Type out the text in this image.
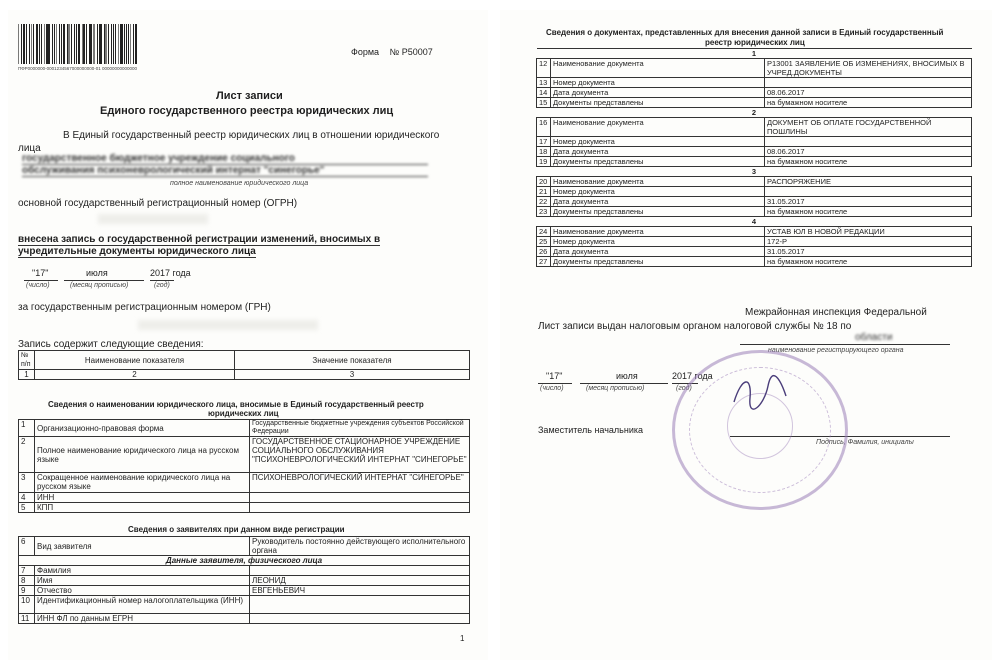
ПФР0000000-0001234567000000000-01 00000000000000
Форма № Р50007
Лист записи
Единого государственного реестра юридических лиц
В Единый государственный реестр юридических лиц в отношении юридического
лица
государственное бюджетное учреждение социального
обслуживания психоневрологический интернат "синегорье"
полное наименование юридического лица
основной государственный регистрационный номер (ОГРН)
внесена запись о государственной регистрации изменений, вносимых в
учредительные документы юридического лица
"17"	июля	2017 года
(число)	(месяц прописью)	(год)
за государственным регистрационным номером (ГРН)
Запись содержит следующие сведения:
№ п/п	Наименование показателя	Значение показателя
1	2	3
Сведения о наименовании юридического лица, вносимые в Единый государственный реестр
юридических лиц
1	Организационно-правовая форма	Государственные бюджетные учреждения субъектов Российской Федерации
2	Полное наименование юридического лица на русском языке	ГОСУДАРСТВЕННОЕ СТАЦИОНАРНОЕ УЧРЕЖДЕНИЕ СОЦИАЛЬНОГО ОБСЛУЖИВАНИЯ "ПСИХОНЕВРОЛОГИЧЕСКИЙ ИНТЕРНАТ "СИНЕГОРЬЕ"
3	Сокращенное наименование юридического лица на русском языке	ПСИХОНЕВРОЛОГИЧЕСКИЙ ИНТЕРНАТ "СИНЕГОРЬЕ"
4	ИНН	
5	КПП	
Сведения о заявителях при данном виде регистрации
6	Вид заявителя	Руководитель постоянно действующего исполнительного органа
Данные заявителя, физического лица		
7	Фамилия	
8	Имя	ЛЕОНИД
9	Отчество	ЕВГЕНЬЕВИЧ
10	Идентификационный номер налогоплательщика (ИНН)	
11	ИНН ФЛ по данным ЕГРН	
1
Сведения о документах, представленных для внесения данной записи в Единый государственный
реестр юридических лиц
1		
12	Наименование документа	Р13001 ЗАЯВЛЕНИЕ ОБ ИЗМЕНЕНИЯХ, ВНОСИМЫХ В УЧРЕД.ДОКУМЕНТЫ
13	Номер документа	
14	Дата документа	08.06.2017
15	Документы представлены	на бумажном носителе
2		
16	Наименование документа	ДОКУМЕНТ ОБ ОПЛАТЕ ГОСУДАРСТВЕННОЙ ПОШЛИНЫ
17	Номер документа	
18	Дата документа	08.06.2017
19	Документы представлены	на бумажном носителе
3		
20	Наименование документа	РАСПОРЯЖЕНИЕ
21	Номер документа	
22	Дата документа	31.05.2017
23	Документы представлены	на бумажном носителе
4		
24	Наименование документа	УСТАВ ЮЛ В НОВОЙ РЕДАКЦИИ
25	Номер документа	172-Р
26	Дата документа	31.05.2017
27	Документы представлены	на бумажном носителе
Межрайонная инспекция Федеральной
Лист записи выдан налоговым органом налоговой службы № 18 по
области
наименование регистрирующего органа
"17"	июля	2017 года
(число)	(месяц прописью)	(год)
Заместитель начальника
Подпись, Фамилия, инициалы
